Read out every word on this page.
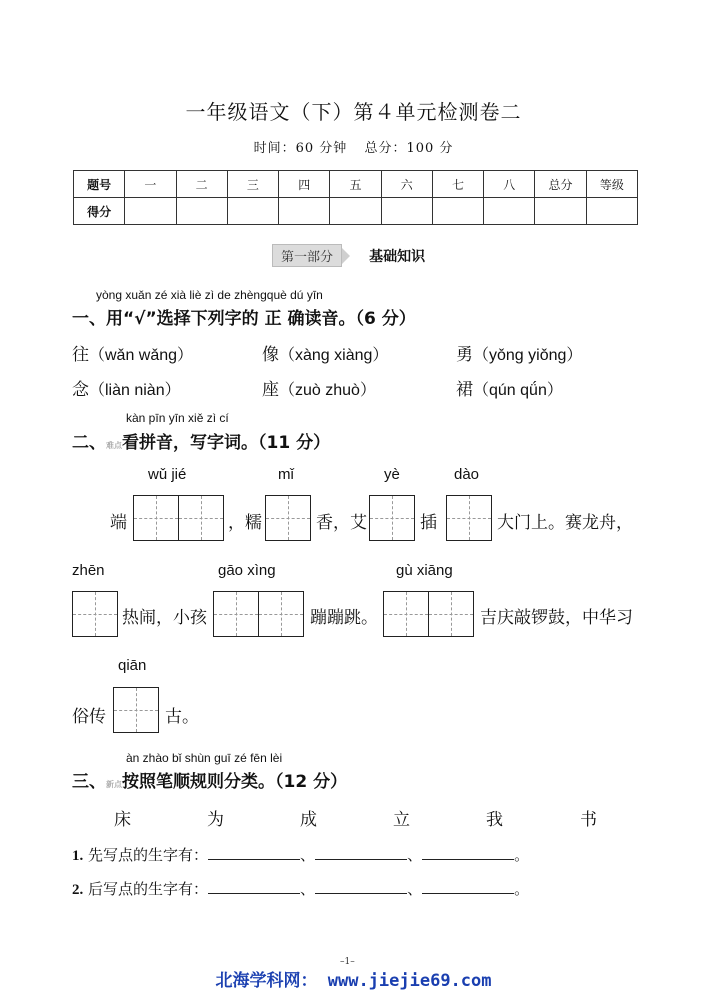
一年级语文（下）第４单元检测卷二
时间：60 分钟 总分：100 分
题号	一	二	三	四	五	六	七	八	总分	等级
得分										
第一部分	基础知识
yòng xuǎn zé xià liè zì de zhèngquè dú yīn
一、用“√”选择下列字的 正 确读音。（6 分）
往（wǎn wǎng）	像（xàng xiàng）	勇（yǒng yiǒng）
念（liàn niàn）	座（zuò zhuò）	裙（qún qǘn）
kàn pīn yīn xiě zì cí
二、难点看拼音，写字词。（11 分）
wǔ jié	mǐ	yè	dào
端	，糯	香，艾	插	大门上。赛龙舟，
zhēn	gāo xìng	gù xiāng
热闹，小孩	蹦蹦跳。	吉庆敲锣鼓，中华习
qiān
俗传	古。
àn zhào bǐ shùn guī zé fēn lèi
三、新点按照笔顺规则分类。（12 分）
床	为	成	立	我	书
1. 先写点的生字有：	、	、	。
2. 后写点的生字有：	、	、	。
–1–
北海学科网： www.jiejie69.com
